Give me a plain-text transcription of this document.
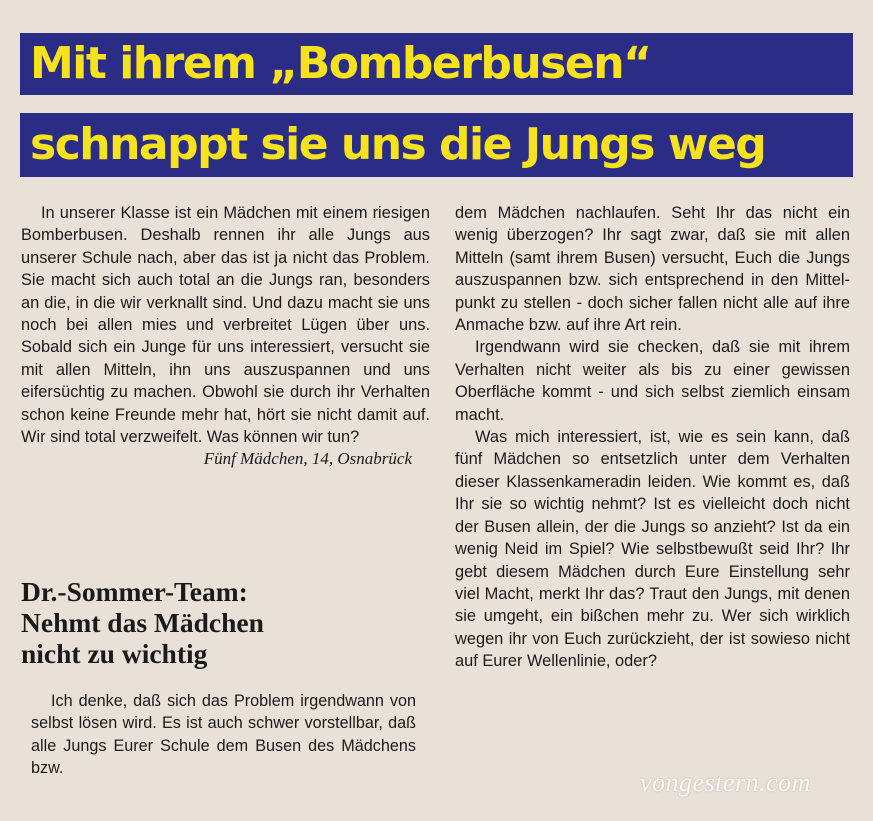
Mit ihrem „Bomberbusen“
schnappt sie uns die Jungs weg

In unserer Klasse ist ein Mädchen mit einem riesigen Bomberbusen. Deshalb rennen ihr alle Jungs aus unserer Schule nach, aber das ist ja nicht das Problem. Sie macht sich auch total an die Jungs ran, besonders an die, in die wir verknallt sind. Und dazu macht sie uns noch bei allen mies und verbreitet Lügen über uns. Sobald sich ein Junge für uns interessiert, versucht sie mit allen Mitteln, ihn uns auszuspannen und uns eifersüchtig zu machen. Obwohl sie durch ihr Verhalten schon keine Freunde mehr hat, hört sie nicht damit auf. Wir sind total verzweifelt. Was können wir tun?
Fünf Mädchen, 14, Osnabrück

Dr.-Sommer-Team:
Nehmt das Mädchen
nicht zu wichtig

Ich denke, daß sich das Problem irgendwann von selbst lösen wird. Es ist auch schwer vorstellbar, daß alle Jungs Eurer Schule dem Busen des Mädchens bzw.

dem Mädchen nachlaufen. Seht Ihr das nicht ein wenig überzogen? Ihr sagt zwar, daß sie mit allen Mitteln (samt ihrem Busen) versucht, Euch die Jungs auszuspannen bzw. sich entsprechend in den Mittelpunkt zu stellen - doch sicher fallen nicht alle auf ihre Anmache bzw. auf ihre Art rein.

Irgendwann wird sie checken, daß sie mit ihrem Verhalten nicht weiter als bis zu einer gewissen Oberfläche kommt - und sich selbst ziemlich einsam macht.

Was mich interessiert, ist, wie es sein kann, daß fünf Mädchen so entsetzlich unter dem Verhalten dieser Klassenkameradin leiden. Wie kommt es, daß Ihr sie so wichtig nehmt? Ist es vielleicht doch nicht der Busen allein, der die Jungs so anzieht? Ist da ein wenig Neid im Spiel? Wie selbstbewußt seid Ihr? Ihr gebt diesem Mädchen durch Eure Einstellung sehr viel Macht, merkt Ihr das? Traut den Jungs, mit denen sie umgeht, ein bißchen mehr zu. Wer sich wirklich wegen ihr von Euch zurückzieht, der ist sowieso nicht auf Eurer Wellenlinie, oder?

vongestern.com
